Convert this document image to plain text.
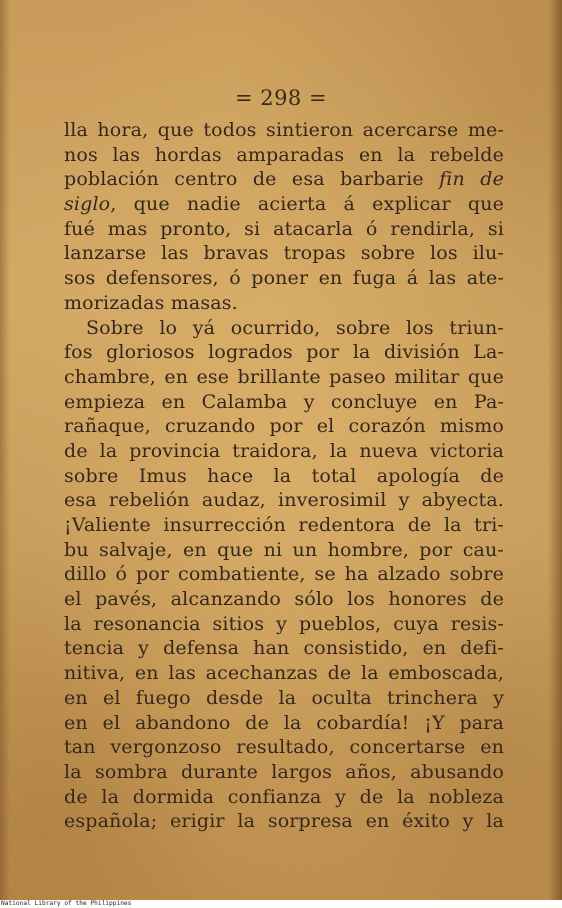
= 298 =
lla hora, que todos sintieron acercarse me-
nos las hordas amparadas en la rebelde
población centro de esa barbarie fin de
siglo, que nadie acierta á explicar que
fué mas pronto, si atacarla ó rendirla, si
lanzarse las bravas tropas sobre los ilu-
sos defensores, ó poner en fuga á las ate-
morizadas masas.
Sobre lo yá ocurrido, sobre los triun-
fos gloriosos logrados por la división La-
chambre, en ese brillante paseo militar que
empieza en Calamba y concluye en Pa-
rañaque, cruzando por el corazón mismo
de la provincia traidora, la nueva victoria
sobre Imus hace la total apología de
esa rebelión audaz, inverosimil y abyecta.
¡Valiente insurrección redentora de la tri-
bu salvaje, en que ni un hombre, por cau-
dillo ó por combatiente, se ha alzado sobre
el pavés, alcanzando sólo los honores de
la resonancia sitios y pueblos, cuya resis-
tencia y defensa han consistido, en defi-
nitiva, en las acechanzas de la emboscada,
en el fuego desde la oculta trinchera y
en el abandono de la cobardía! ¡Y para
tan vergonzoso resultado, concertarse en
la sombra durante largos años, abusando
de la dormida confianza y de la nobleza
española; erigir la sorpresa en éxito y la
National Library of the Philippines
